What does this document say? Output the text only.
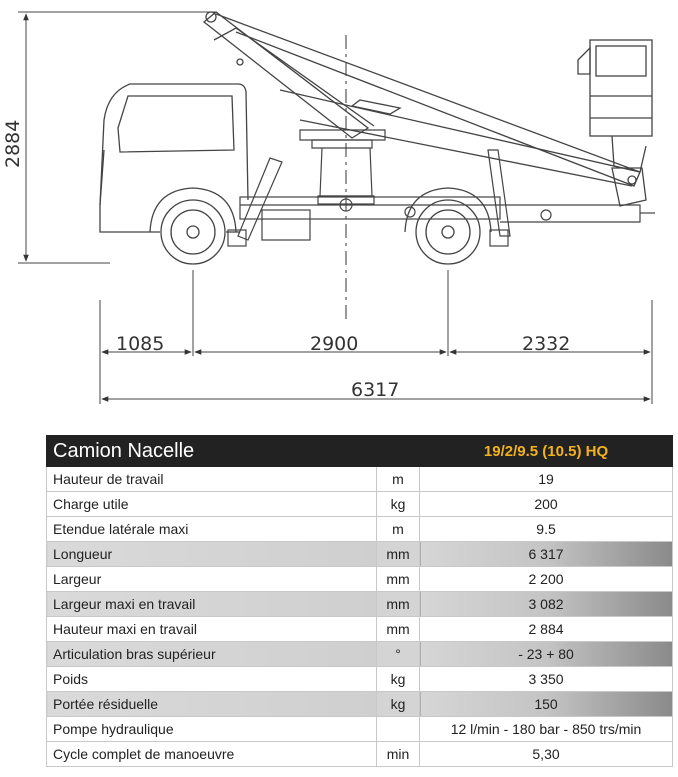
2884
1085	2900	2332
6317
Camion Nacelle		19/2/9.5 (10.5) HQ
Hauteur de travail	m	19
Charge utile	kg	200
Etendue latérale maxi	m	9.5
Longueur	mm	6 317
Largeur	mm	2 200
Largeur maxi en travail	mm	3 082
Hauteur maxi en travail	mm	2 884
Articulation bras supérieur	°	- 23 + 80
Poids	kg	3 350
Portée résiduelle	kg	150
Pompe hydraulique		12 l/min - 180 bar - 850 trs/min
Cycle complet de manoeuvre	min	5,30
